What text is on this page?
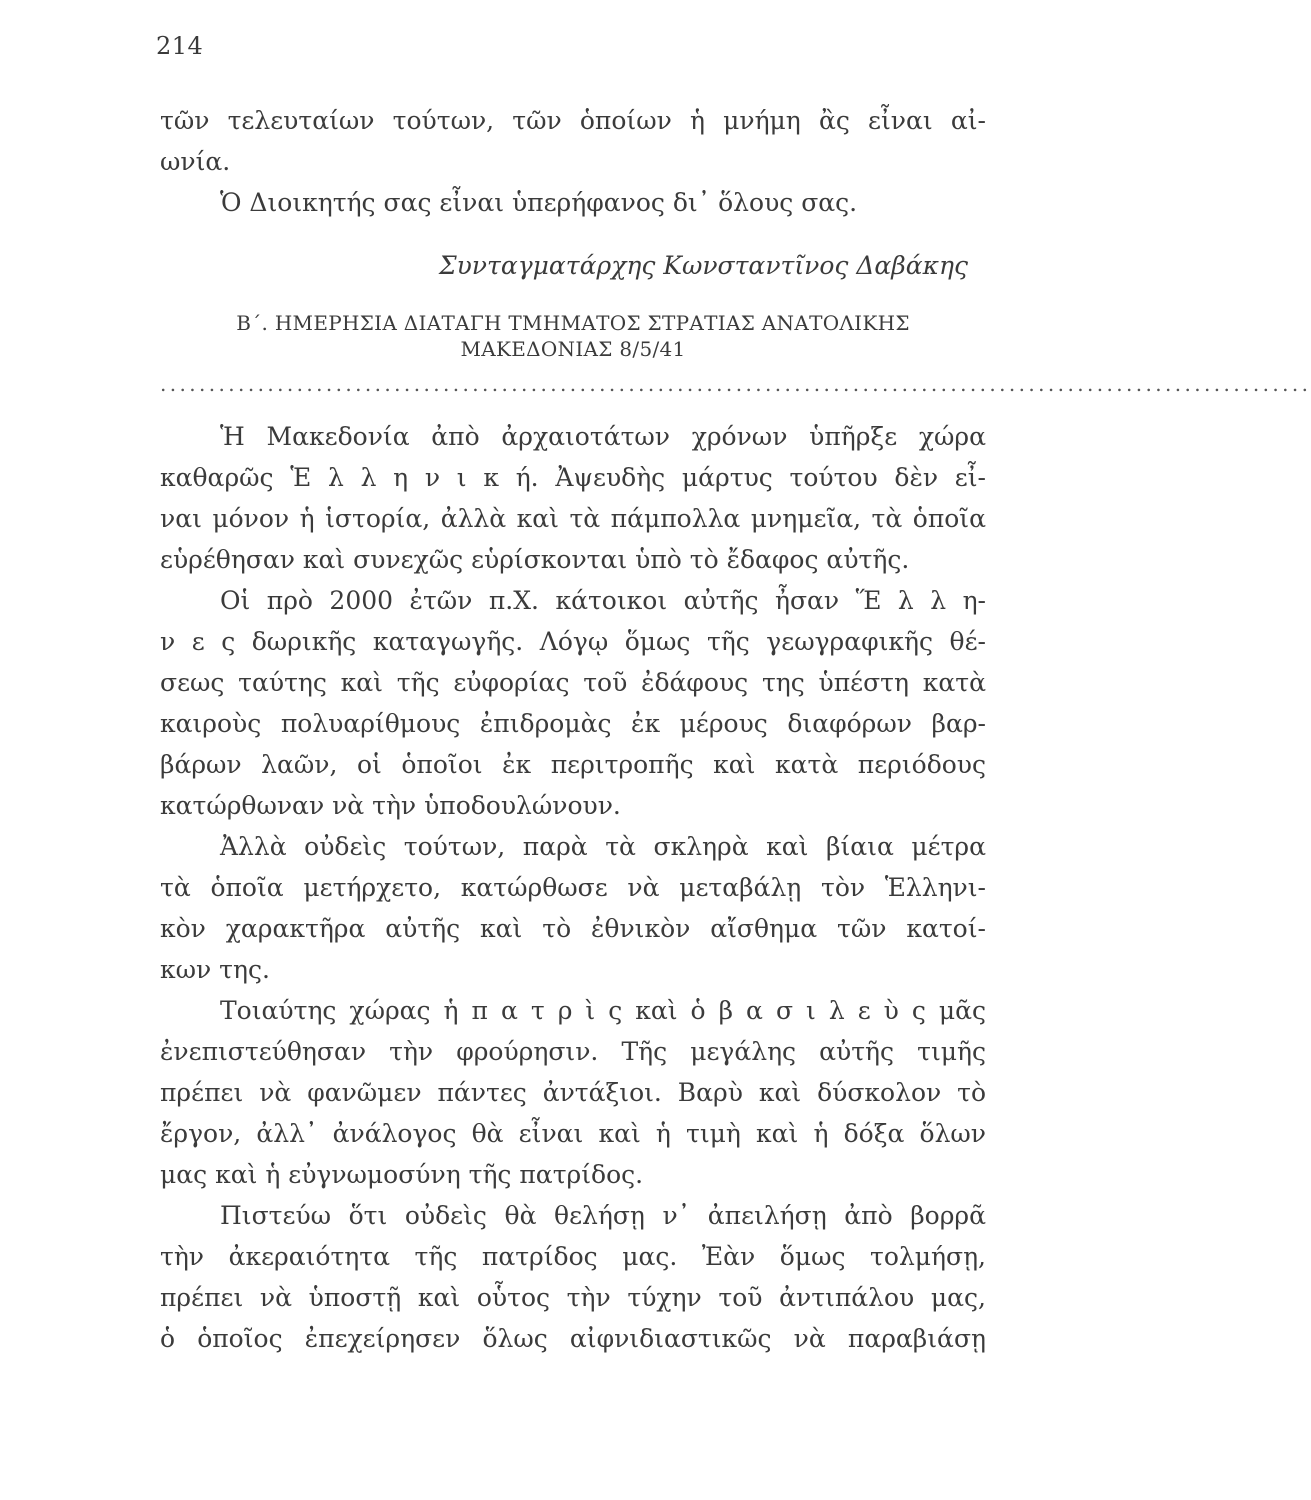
214
τῶν τελευταίων τούτων, τῶν ὁποίων ἡ μνήμη ἂς εἶναι αἰ-
ωνία.
Ὁ Διοικητής σας εἶναι ὑπερήφανος δι᾽ ὅλους σας.
Συνταγματάρχης Κωνσταντῖνος Δαβάκης
Β΄. ΗΜΕΡΗΣΙΑ ΔΙΑΤΑΓΗ ΤΜΗΜΑΤΟΣ ΣΤΡΑΤΙΑΣ ΑΝΑΤΟΛΙΚΗΣ
ΜΑΚΕΔΟΝΙΑΣ 8/5/41
......................................................................................................................
Ἡ Μακεδονία ἀπὸ ἀρχαιοτάτων χρόνων ὑπῆρξε χώρα
καθαρῶς Ἑ λ λ η ν ι κ ή. Ἀψευδὴς μάρτυς τούτου δὲν εἶ-
ναι μόνον ἡ ἱστορία, ἀλλὰ καὶ τὰ πάμπολλα μνημεῖα, τὰ ὁποῖα
εὑρέθησαν καὶ συνεχῶς εὑρίσκονται ὑπὸ τὸ ἔδαφος αὐτῆς.
Οἱ πρὸ 2000 ἐτῶν π.Χ. κάτοικοι αὐτῆς ἦσαν Ἕ λ λ η-
ν ε ς δωρικῆς καταγωγῆς. Λόγῳ ὅμως τῆς γεωγραφικῆς θέ-
σεως ταύτης καὶ τῆς εὐφορίας τοῦ ἐδάφους της ὑπέστη κατὰ
καιροὺς πολυαρίθμους ἐπιδρομὰς ἐκ μέρους διαφόρων βαρ-
βάρων λαῶν, οἱ ὁποῖοι ἐκ περιτροπῆς καὶ κατὰ περιόδους
κατώρθωναν νὰ τὴν ὑποδουλώνουν.
Ἀλλὰ οὐδεὶς τούτων, παρὰ τὰ σκληρὰ καὶ βίαια μέτρα
τὰ ὁποῖα μετήρχετο, κατώρθωσε νὰ μεταβάλῃ τὸν Ἑλληνι-
κὸν χαρακτῆρα αὐτῆς καὶ τὸ ἐθνικὸν αἴσθημα τῶν κατοί-
κων της.
Τοιαύτης χώρας ἡ π α τ ρ ὶ ς καὶ ὁ β α σ ι λ ε ὺ ς μᾶς
ἐνεπιστεύθησαν τὴν φρούρησιν. Τῆς μεγάλης αὐτῆς τιμῆς
πρέπει νὰ φανῶμεν πάντες ἀντάξιοι. Βαρὺ καὶ δύσκολον τὸ
ἔργον, ἀλλ᾽ ἀνάλογος θὰ εἶναι καὶ ἡ τιμὴ καὶ ἡ δόξα ὅλων
μας καὶ ἡ εὐγνωμοσύνη τῆς πατρίδος.
Πιστεύω ὅτι οὐδεὶς θὰ θελήσῃ ν᾽ ἀπειλήσῃ ἀπὸ βορρᾶ
τὴν ἀκεραιότητα τῆς πατρίδος μας. Ἐὰν ὅμως τολμήσῃ,
πρέπει νὰ ὑποστῇ καὶ οὗτος τὴν τύχην τοῦ ἀντιπάλου μας,
ὁ ὁποῖος ἐπεχείρησεν ὅλως αἰφνιδιαστικῶς νὰ παραβιάσῃ
